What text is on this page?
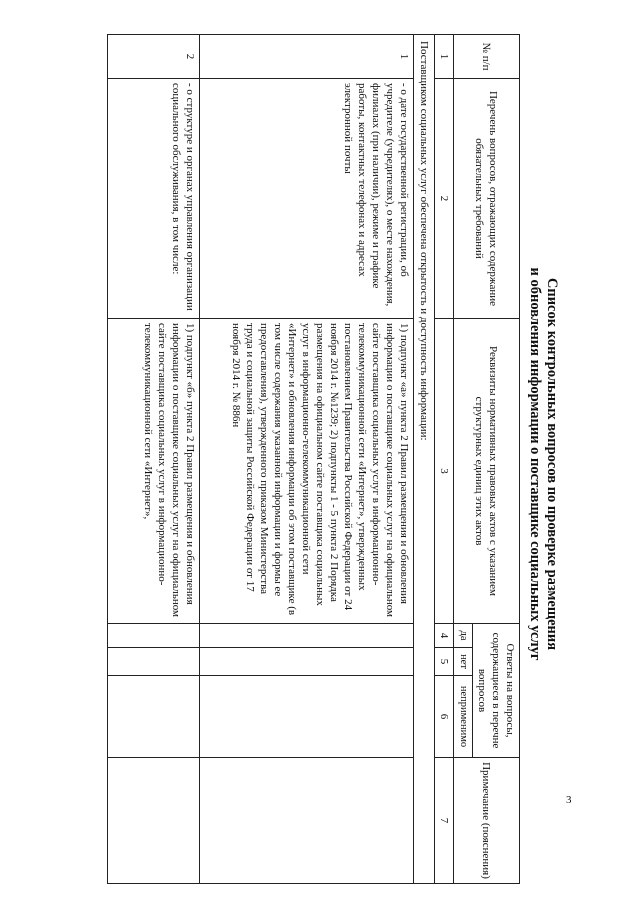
3
Список контрольных вопросов по проверке размещения
и обновления информации о поставщике социальных услуг
№ п/п	Перечень вопросов, отражающих содержание обязательных требований	Реквизиты нормативных правовых актов с указанием структурных единиц этих актов	Ответы на вопросы, содержащиеся в перечне вопросов			Примечание (пояснения)
			да	нет	неприменимо	
1	2	3	4	5	6	7
Поставщиком социальных услуг обеспечена открытость и доступность информации:						
1	- о дате государственной регистрации, об учредителе (учредителях), о месте нахождения, филиалах (при наличии), режиме и графике работы, контактных телефонах и адресах электронной почты	1) подпункт «а» пункта 2 Правил размещения и обновления информации о поставщике социальных услуг на официальном сайте поставщика социальных услуг в информационно-телекоммуникационной сети «Интернет», утвержденных постановлением Правительства Российской Федерации от 24 ноября 2014 г. №1239; 2) подпункты 1 - 5 пункта 2 Порядка размещения на официальном сайте поставщика социальных услуг в информационно-телекоммуникационной сети «Интернет» и обновления информации об этом поставщике (в том числе содержания указанной информации и формы ее предоставления), утвержденного приказом Министерства труда и социальной защиты Российской Федерации от 17 ноября 2014 г. № 886н				
2	- о структуре и органах управления организации социального обслуживания, в том числе:	1) подпункт «б» пункта 2 Правил размещения и обновления информации о поставщике социальных услуг на официальном сайте поставщика социальных услуг в информационно-телекоммуникационной сети «Интернет»,				
